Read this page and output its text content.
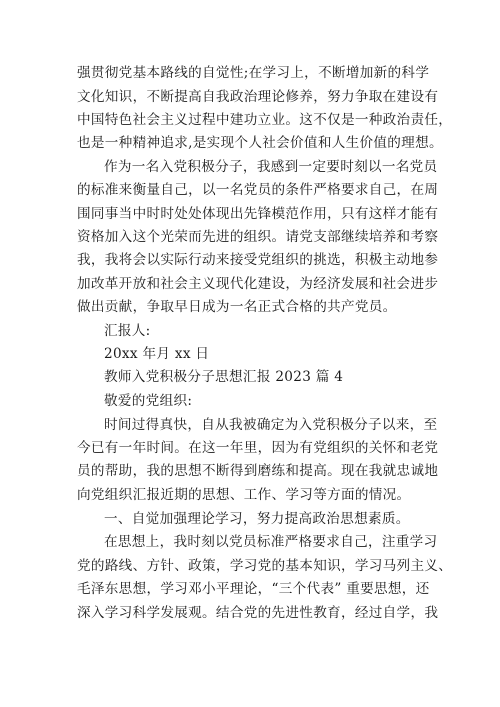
强贯彻党基本路线的自觉性;在学习上，不断增加新的科学
文化知识，不断提高自我政治理论修养，努力争取在建设有
中国特色社会主义过程中建功立业。这不仅是一种政治责任，
也是一种精神追求,是实现个人社会价值和人生价值的理想。
作为一名入党积极分子，我感到一定要时刻以一名党员
的标准来衡量自己，以一名党员的条件严格要求自己，在周
围同事当中时时处处体现出先锋模范作用，只有这样才能有
资格加入这个光荣而先进的组织。请党支部继续培养和考察
我，我将会以实际行动来接受党组织的挑选，积极主动地参
加改革开放和社会主义现代化建设，为经济发展和社会进步
做出贡献，争取早日成为一名正式合格的共产党员。
汇报人:
20xx 年月 xx 日
教师入党积极分子思想汇报 2023 篇 4
敬爱的党组织:
时间过得真快，自从我被确定为入党积极分子以来，至
今已有一年时间。在这一年里，因为有党组织的关怀和老党
员的帮助，我的思想不断得到磨练和提高。现在我就忠诚地
向党组织汇报近期的思想、工作、学习等方面的情况。
一、自觉加强理论学习，努力提高政治思想素质。
在思想上，我时刻以党员标准严格要求自己，注重学习
党的路线、方针、政策，学习党的基本知识，学习马列主义、
毛泽东思想，学习邓小平理论，“三个代表” 重要思想，还
深入学习科学发展观。结合党的先进性教育，经过自学，我
